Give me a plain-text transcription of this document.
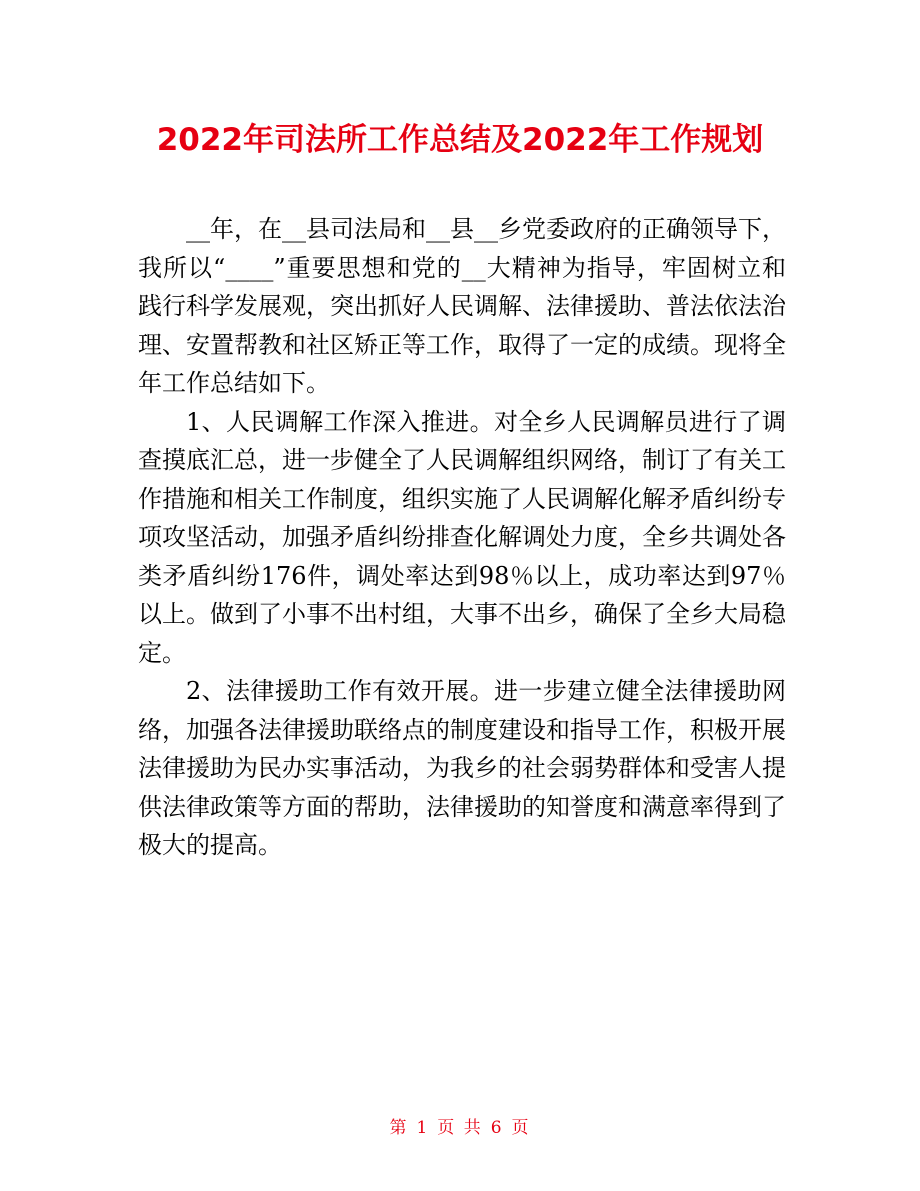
2022年司法所工作总结及2022年工作规划

__年，在__县司法局和__县__乡党委政府的正确领导下，我所以“____”重要思想和党的__大精神为指导，牢固树立和践行科学发展观，突出抓好人民调解、法律援助、普法依法治理、安置帮教和社区矫正等工作，取得了一定的成绩。现将全年工作总结如下。

1、人民调解工作深入推进。对全乡人民调解员进行了调查摸底汇总，进一步健全了人民调解组织网络，制订了有关工作措施和相关工作制度，组织实施了人民调解化解矛盾纠纷专项攻坚活动，加强矛盾纠纷排查化解调处力度，全乡共调处各类矛盾纠纷176件，调处率达到98％以上，成功率达到97％以上。做到了小事不出村组，大事不出乡，确保了全乡大局稳定。

2、法律援助工作有效开展。进一步建立健全法律援助网络，加强各法律援助联络点的制度建设和指导工作，积极开展法律援助为民办实事活动，为我乡的社会弱势群体和受害人提供法律政策等方面的帮助，法律援助的知誉度和满意率得到了极大的提高。

第 1 页 共 6 页
